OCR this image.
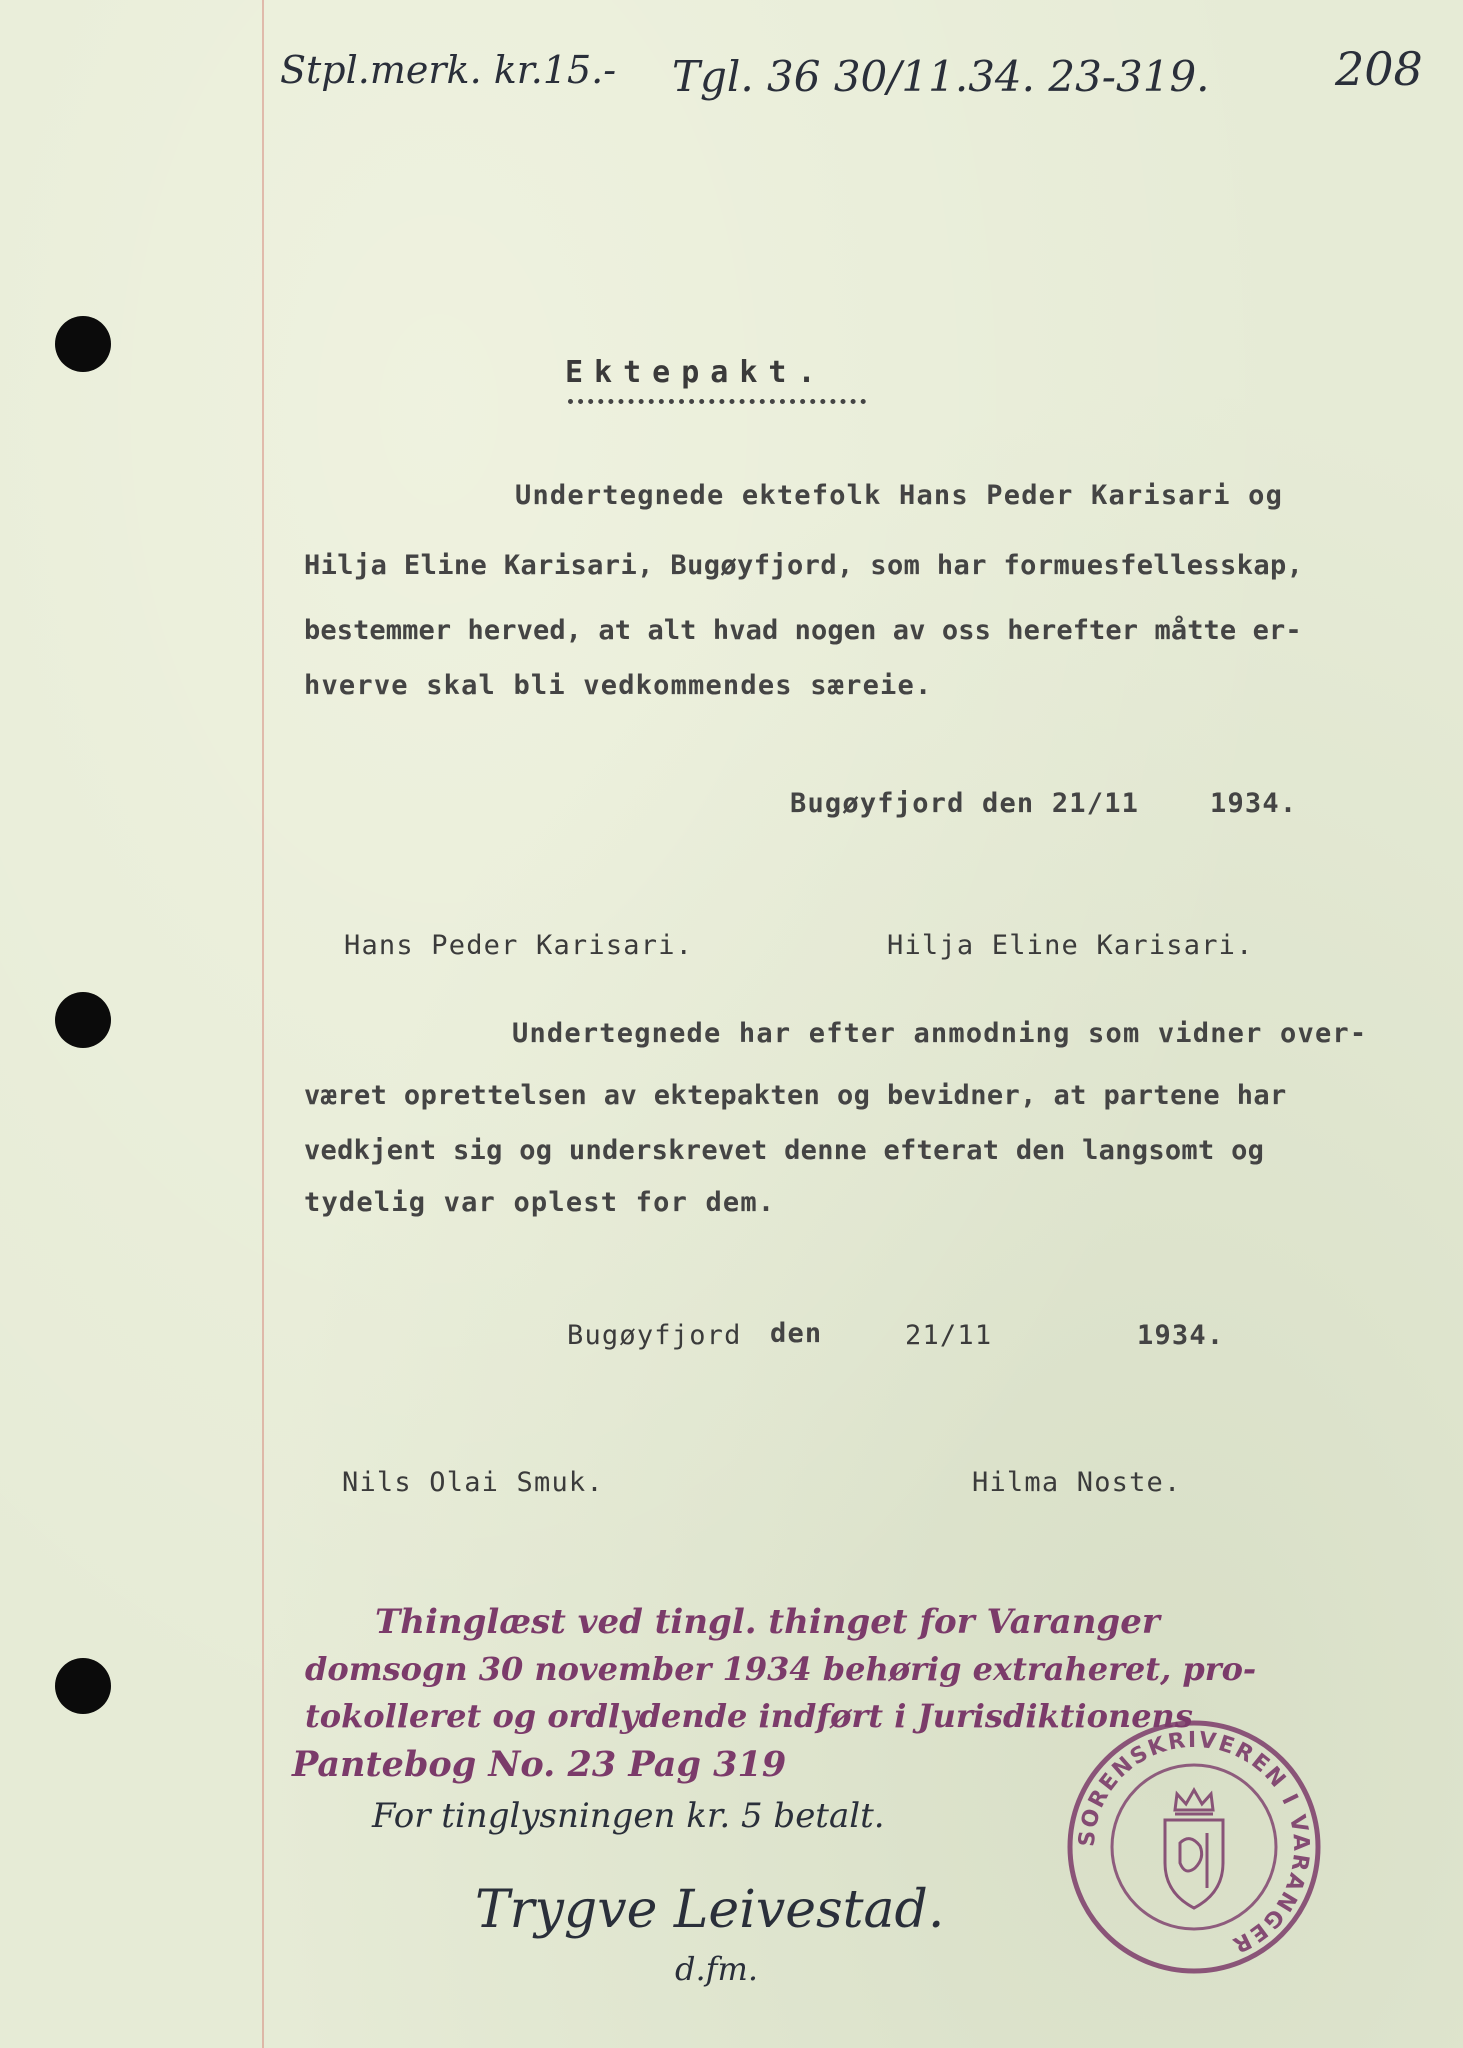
Stpl.merk. kr.15.- Tgl. 36 30/11.34. 23-319.	208
Ektepakt.
Undertegnede ektefolk Hans Peder Karisari og
Hilja Eline Karisari, Bugøyfjord, som har formuesfellesskap,
bestemmer herved, at alt hvad nogen av oss herefter måtte er-
hverve skal bli vedkommendes særeie.
Bugøyfjord den 21/11	1934.
Hans Peder Karisari.	Hilja Eline Karisari.
Undertegnede har efter anmodning som vidner over-
været oprettelsen av ektepakten og bevidner, at partene har
vedkjent sig og underskrevet denne efterat den langsomt og
tydelig var oplest for dem.
Bugøyfjord den	21/11	1934.
Nils Olai Smuk.	Hilma Noste.
Thinglæst ved tingl. thinget for Varanger
domsogn 30 november 1934 behørig extraheret, pro-
tokolleret og ordlydende indført i Jurisdiktionens
Pantebog No. 23 Pag 319
For tinglysningen kr. 5 betalt.
Trygve Leivestad.
d.fm.
SORENSKRIVEREN I VARANGER
